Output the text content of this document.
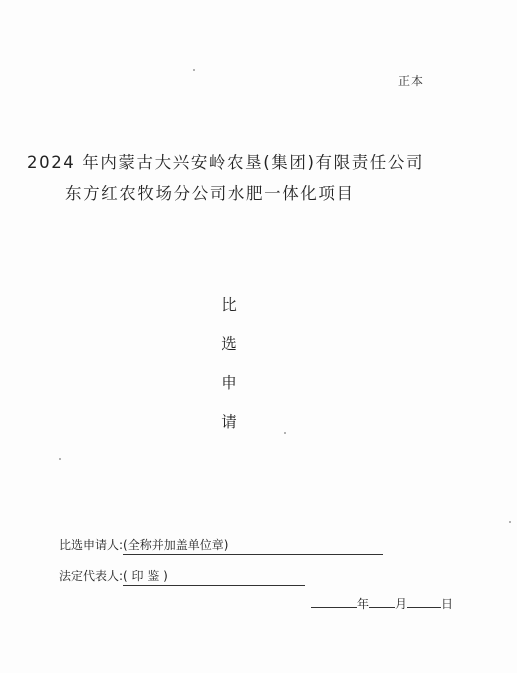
正本
2024 年内蒙古大兴安岭农垦(集团)有限责任公司
东方红农牧场分公司水肥一体化项目
比
选
申
请
比选申请人:(全称并加盖单位章)
法定代表人:( 印 鉴 )
年 月	日
